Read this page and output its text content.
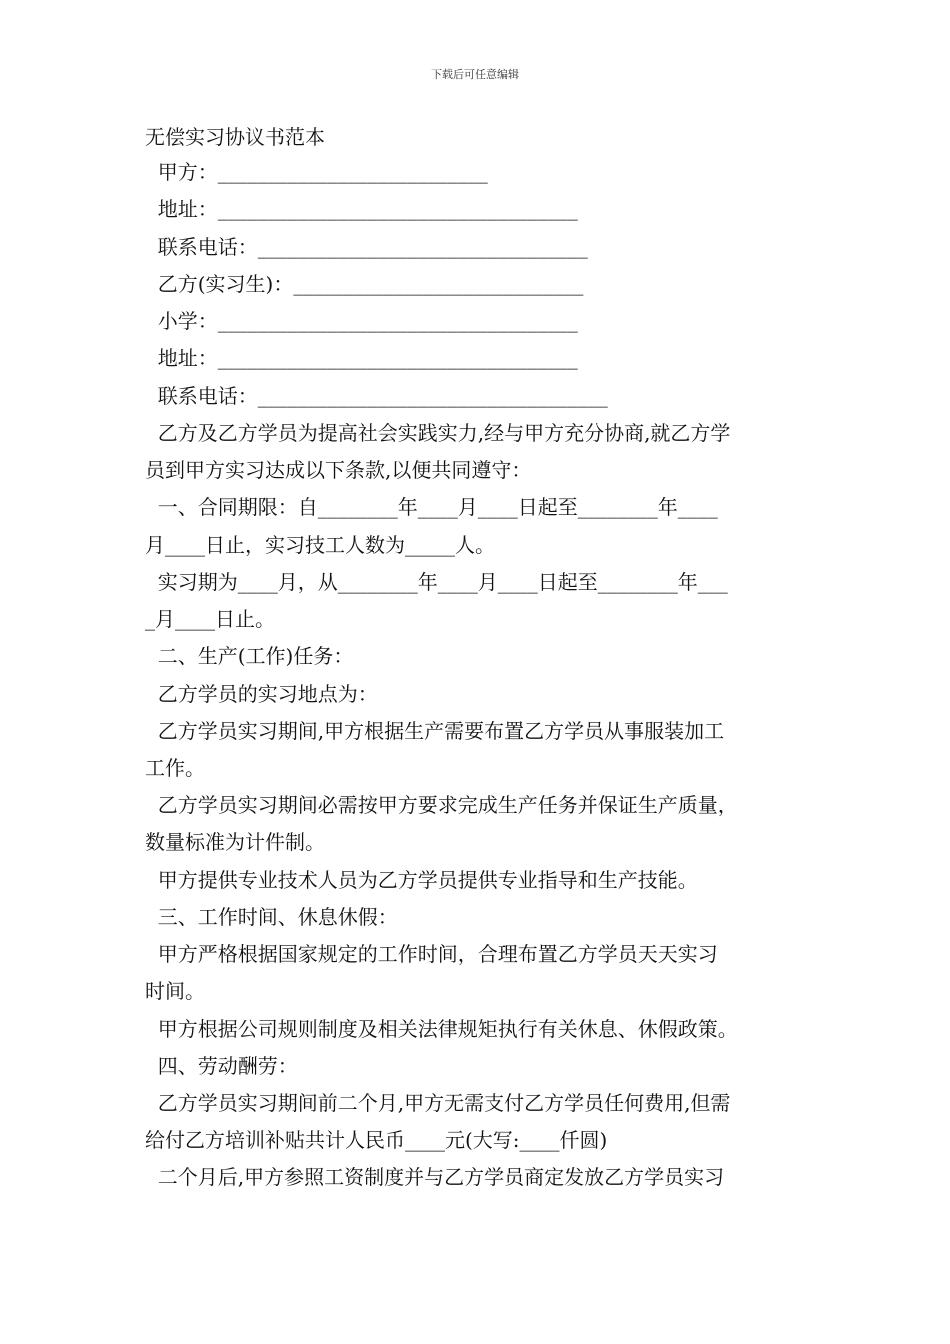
下载后可任意编辑
无偿实习协议书范本
甲方：___________________________
地址：____________________________________
联系电话：_________________________________
乙方(实习生)：_____________________________
小学：____________________________________
地址：____________________________________
联系电话：___________________________________
乙方及乙方学员为提高社会实践实力,经与甲方充分协商,就乙方学
员到甲方实习达成以下条款,以便共同遵守：
一、合同期限：自________年____月____日起至________年____
月____日止，实习技工人数为_____人。
实习期为____月，从________年____月____日起至________年___
_月____日止。
二、生产(工作)任务：
乙方学员的实习地点为：
乙方学员实习期间,甲方根据生产需要布置乙方学员从事服装加工
工作。
乙方学员实习期间必需按甲方要求完成生产任务并保证生产质量，
数量标准为计件制。
甲方提供专业技术人员为乙方学员提供专业指导和生产技能。
三、工作时间、休息休假：
甲方严格根据国家规定的工作时间，合理布置乙方学员天天实习
时间。
甲方根据公司规则制度及相关法律规矩执行有关休息、休假政策。
四、劳动酬劳：
乙方学员实习期间前二个月,甲方无需支付乙方学员任何费用,但需
给付乙方培训补贴共计人民币____元(大写:____仟圆)
二个月后,甲方参照工资制度并与乙方学员商定发放乙方学员实习
